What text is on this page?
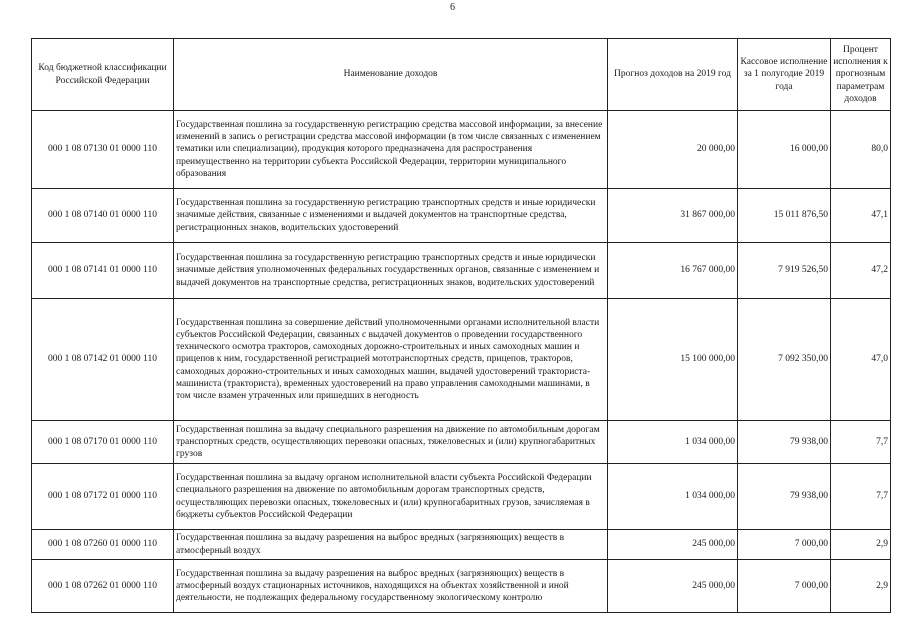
6
Код бюджетной классификации Российской Федерации	Наименование доходов	Прогноз доходов на 2019 год	Кассовое исполнение за 1 полугодие 2019 года	Процент исполнения к прогнозным параметрам доходов
000 1 08 07130 01 0000 110	Государственная пошлина за государственную регистрацию средства массовой информации, за внесение изменений в запись о регистрации средства массовой информации (в том числе связанных с изменением тематики или специализации), продукция которого предназначена для распространения преимущественно на территории субъекта Российской Федерации, территории муниципального образования	20 000,00	16 000,00	80,0
000 1 08 07140 01 0000 110	Государственная пошлина за государственную регистрацию транспортных средств и иные юридически значимые действия, связанные с изменениями и выдачей документов на транспортные средства, регистрационных знаков, водительских удостоверений	31 867 000,00	15 011 876,50	47,1
000 1 08 07141 01 0000 110	Государственная пошлина за государственную регистрацию транспортных средств и иные юридически значимые действия уполномоченных федеральных государственных органов, связанные с изменением и выдачей документов на транспортные средства, регистрационных знаков, водительских удостоверений	16 767 000,00	7 919 526,50	47,2
000 1 08 07142 01 0000 110	Государственная пошлина за совершение действий уполномоченными органами исполнительной власти субъектов Российской Федерации, связанных с выдачей документов о проведении государственного технического осмотра тракторов, самоходных дорожно-строительных и иных самоходных машин и прицепов к ним, государственной регистрацией мототранспортных средств, прицепов, тракторов, самоходных дорожно-строительных и иных самоходных машин, выдачей удостоверений тракториста-машиниста (тракториста), временных удостоверений на право управления самоходными машинами, в том числе взамен утраченных или пришедших в негодность	15 100 000,00	7 092 350,00	47,0
000 1 08 07170 01 0000 110	Государственная пошлина за выдачу специального разрешения на движение по автомобильным дорогам транспортных средств, осуществляющих перевозки опасных, тяжеловесных и (или) крупногабаритных грузов	1 034 000,00	79 938,00	7,7
000 1 08 07172 01 0000 110	Государственная пошлина за выдачу органом исполнительной власти субъекта Российской Федерации специального разрешения на движение по автомобильным дорогам транспортных средств, осуществляющих перевозки опасных, тяжеловесных и (или) крупногабаритных грузов, зачисляемая в бюджеты субъектов Российской Федерации	1 034 000,00	79 938,00	7,7
000 1 08 07260 01 0000 110	Государственная пошлина за выдачу разрешения на выброс вредных (загрязняющих) веществ в атмосферный воздух	245 000,00	7 000,00	2,9
000 1 08 07262 01 0000 110	Государственная пошлина за выдачу разрешения на выброс вредных (загрязняющих) веществ в атмосферный воздух стационарных источников, находящихся на объектах хозяйственной и иной деятельности, не подлежащих федеральному государственному экологическому контролю	245 000,00	7 000,00	2,9
